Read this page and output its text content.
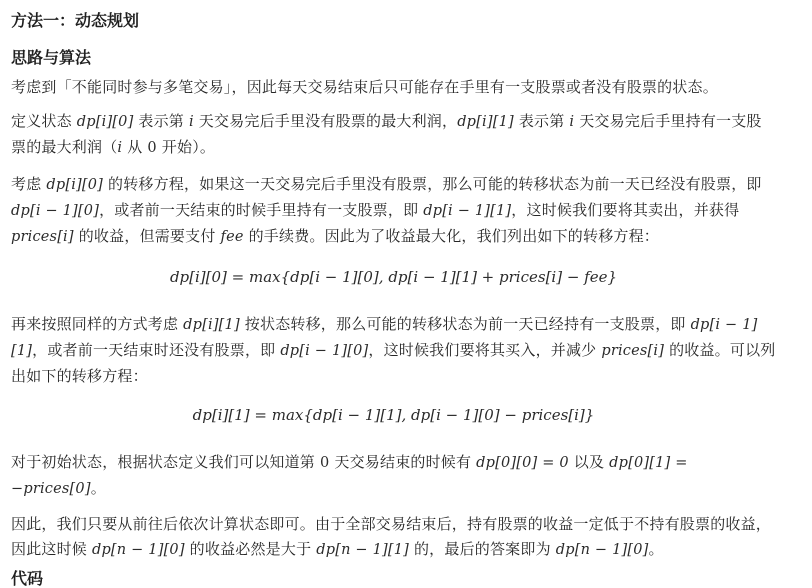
方法一：动态规划
思路与算法
考虑到「不能同时参与多笔交易」，因此每天交易结束后只可能存在手里有一支股票或者没有股票的状态。
定义状态 dp[i][0] 表示第 i 天交易完后手里没有股票的最大利润，dp[i][1] 表示第 i 天交易完后手里持有一支股票的最大利润（i 从 0 开始）。
考虑 dp[i][0] 的转移方程，如果这一天交易完后手里没有股票，那么可能的转移状态为前一天已经没有股票，即 dp[i − 1][0]，或者前一天结束的时候手里持有一支股票，即 dp[i − 1][1]，这时候我们要将其卖出，并获得 prices[i] 的收益，但需要支付 fee 的手续费。因此为了收益最大化，我们列出如下的转移方程：
dp[i][0] = max{dp[i − 1][0], dp[i − 1][1] + prices[i] − fee}
再来按照同样的方式考虑 dp[i][1] 按状态转移，那么可能的转移状态为前一天已经持有一支股票，即 dp[i − 1][1]，或者前一天结束时还没有股票，即 dp[i − 1][0]，这时候我们要将其买入，并减少 prices[i] 的收益。可以列出如下的转移方程：
dp[i][1] = max{dp[i − 1][1], dp[i − 1][0] − prices[i]}
对于初始状态，根据状态定义我们可以知道第 0 天交易结束的时候有 dp[0][0] = 0 以及 dp[0][1] = −prices[0]。
因此，我们只要从前往后依次计算状态即可。由于全部交易结束后，持有股票的收益一定低于不持有股票的收益，因此这时候 dp[n − 1][0] 的收益必然是大于 dp[n − 1][1] 的，最后的答案即为 dp[n − 1][0]。
代码
